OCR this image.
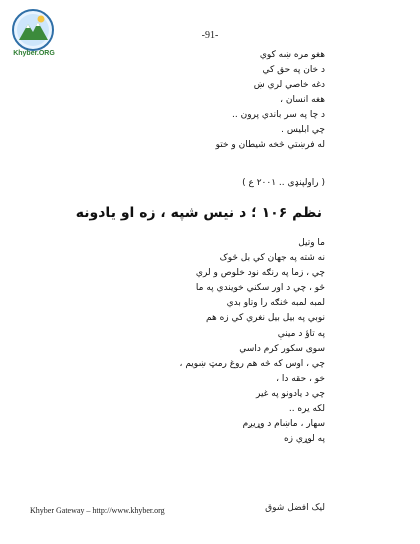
Khyber.ORG
-91-
هغو مره ښه کوي
د خان په حق کي
دغه خاصي لري ښ
هغه انسان ،
د چا په سر باندي پرون ..
چي ابليس .
له فرښتي څخه شيطان و ختو
( راولپنډی .. ۲۰۰۱ ع )
نظم ۱۰۶ ؛ د نيس شپه ، زه او يادونه
ما وتيل
نه شته په جهان کي بل څوک
چي ، زما په رنګه نود خلوص و لري
څو ، چي د اور سکني خويندي په ما
لمبه لمبه څنګه را وتاو بدي
نوبي په بيل بيل نغري کي زه هم
په تاؤ د مينې
سوی سکور کرم داسي
چي ، اوس که څه هم روغ رمټ ښويم ،
خو ، حقه دا ،
چي د يادونو په غير
لکه يره ..
سهار ، ماښام د وړيږم
په لوړي زه
Khyber Gateway – http://www.khyber.org	ليک افضل شوق
